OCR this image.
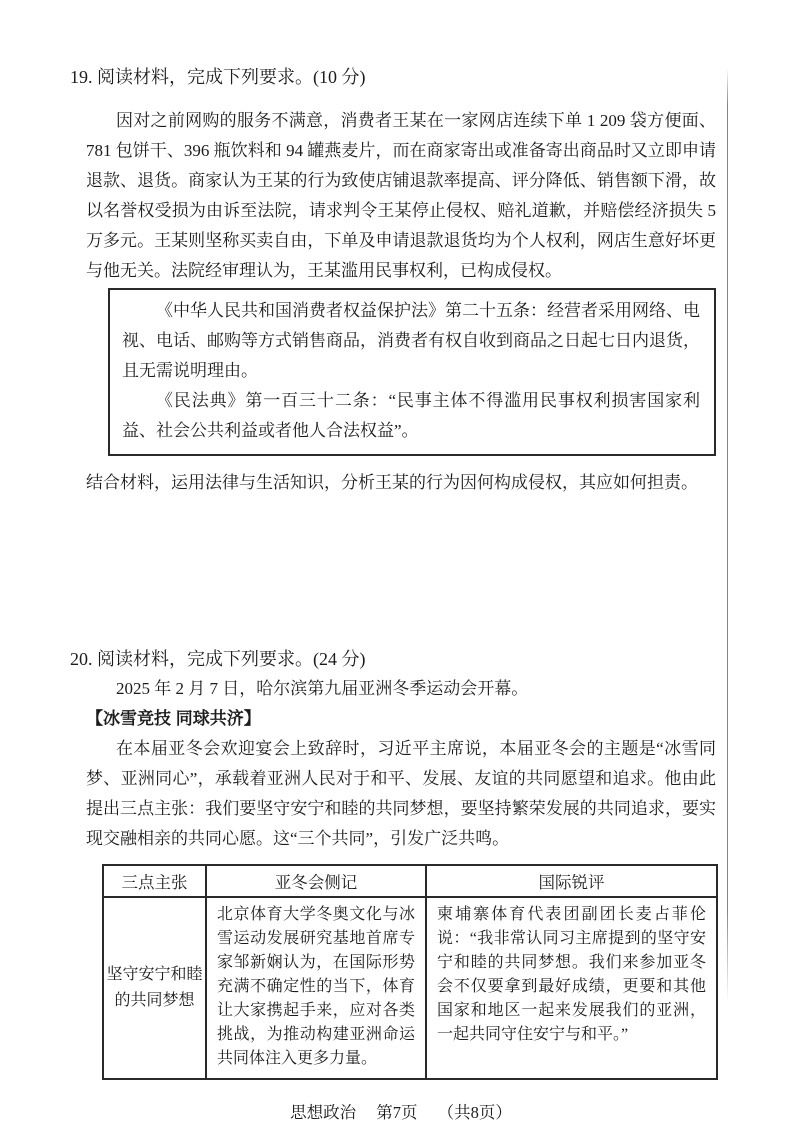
19. 阅读材料，完成下列要求。(10 分)

因对之前网购的服务不满意，消费者王某在一家网店连续下单 1 209 袋方便面、781 包饼干、396 瓶饮料和 94 罐燕麦片，而在商家寄出或准备寄出商品时又立即申请退款、退货。商家认为王某的行为致使店铺退款率提高、评分降低、销售额下滑，故以名誉权受损为由诉至法院，请求判令王某停止侵权、赔礼道歉，并赔偿经济损失 5 万多元。王某则坚称买卖自由，下单及申请退款退货均为个人权利，网店生意好坏更与他无关。法院经审理认为，王某滥用民事权利，已构成侵权。

《中华人民共和国消费者权益保护法》第二十五条：经营者采用网络、电视、电话、邮购等方式销售商品，消费者有权自收到商品之日起七日内退货，且无需说明理由。

《民法典》第一百三十二条：“民事主体不得滥用民事权利损害国家利益、社会公共利益或者他人合法权益”。

结合材料，运用法律与生活知识，分析王某的行为因何构成侵权，其应如何担责。

20. 阅读材料，完成下列要求。(24 分)

2025 年 2 月 7 日，哈尔滨第九届亚洲冬季运动会开幕。

【冰雪竞技 同球共济】

在本届亚冬会欢迎宴会上致辞时，习近平主席说，本届亚冬会的主题是“冰雪同梦、亚洲同心”，承载着亚洲人民对于和平、发展、友谊的共同愿望和追求。他由此提出三点主张：我们要坚守安宁和睦的共同梦想，要坚持繁荣发展的共同追求，要实现交融相亲的共同心愿。这“三个共同”，引发广泛共鸣。

三点主张	亚冬会侧记	国际锐评
坚守安宁和睦的共同梦想	北京体育大学冬奥文化与冰雪运动发展研究基地首席专家邹新娴认为，在国际形势充满不确定性的当下，体育让大家携起手来，应对各类挑战，为推动构建亚洲命运共同体注入更多力量。	柬埔寨体育代表团副团长麦占菲伦说：“我非常认同习主席提到的坚守安宁和睦的共同梦想。我们来参加亚冬会不仅要拿到最好成绩，更要和其他国家和地区一起来发展我们的亚洲，一起共同守住安宁与和平。”
思想政治 第7页 （共8页）
